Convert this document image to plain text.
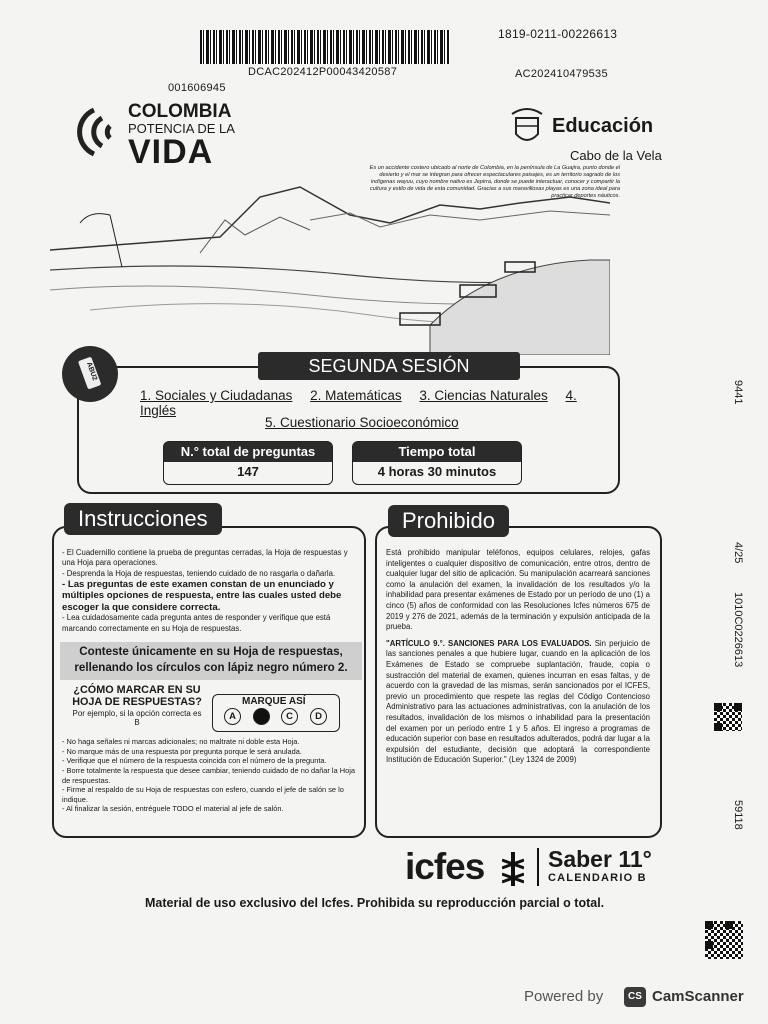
DCAC202412P00043420587
1819-0211-00226613
001606945
AC202410479535
COLOMBIA
POTENCIA DE LA
VIDA
Educación
Cabo de la Vela
Es un accidente costero ubicado al norte de Colombia, en la península de La Guajira, punto donde el desierto y el mar se integran para ofrecer espectaculares paisajes, es un territorio sagrado de los indígenas wayuu, cuyo nombre nativo es Jepirra, donde se puede interactuar, conocer y compartir la cultura y estilo de vida de esta comunidad. Gracias a sus maravillosas playas es una zona ideal para practicar deportes náuticos.
ABU2	SEGUNDA SESIÓN
1. Sociales y Ciudadanas 2. Matemáticas 3. Ciencias Naturales 4. Inglés
5. Cuestionario Socioeconómico
N.° total de preguntas
147
Tiempo total
4 horas 30 minutos
Instrucciones
- El Cuadernillo contiene la prueba de preguntas cerradas, la Hoja de respuestas y una Hoja para operaciones.
- Desprenda la Hoja de respuestas, teniendo cuidado de no rasgarla o dañarla.
- Las preguntas de este examen constan de un enunciado y múltiples opciones de respuesta, entre las cuales usted debe escoger la que considere correcta.
- Lea cuidadosamente cada pregunta antes de responder y verifique que está marcando correctamente en su Hoja de respuestas.
Conteste únicamente en su Hoja de respuestas, rellenando los círculos con lápiz negro número 2.
¿CÓMO MARCAR EN SU HOJA DE RESPUESTAS?
Por ejemplo, si la opción correcta es B
MARQUE ASÍ
A	C	D
- No haga señales ni marcas adicionales; no maltrate ni doble esta Hoja.
- No marque más de una respuesta por pregunta porque le será anulada.
- Verifique que el número de la respuesta coincida con el número de la pregunta.
- Borre totalmente la respuesta que desee cambiar, teniendo cuidado de no dañar la Hoja de respuestas.
- Firme al respaldo de su Hoja de respuestas con esfero, cuando el jefe de salón se lo indique.
- Al finalizar la sesión, entréguele TODO el material al jefe de salón.
Prohibido
Está prohibido manipular teléfonos, equipos celulares, relojes, gafas inteligentes o cualquier dispositivo de comunicación, entre otros, dentro de cualquier lugar del sitio de aplicación. Su manipulación acarreará sanciones como la anulación del examen, la invalidación de los resultados y/o la inhabilidad para presentar exámenes de Estado por un período de uno (1) a cinco (5) años de conformidad con las Resoluciones Icfes números 675 de 2019 y 276 de 2021, además de la terminación y expulsión anticipada de la prueba.
"ARTÍCULO 9.°. SANCIONES PARA LOS EVALUADOS. Sin perjuicio de las sanciones penales a que hubiere lugar, cuando en la aplicación de los Exámenes de Estado se compruebe suplantación, fraude, copia o sustracción del material de examen, quienes incurran en esas faltas, y de acuerdo con la gravedad de las mismas, serán sancionados por el ICFES, previo un procedimiento que respete las reglas del Código Contencioso Administrativo para las actuaciones administrativas, con la anulación de los resultados, invalidación de los mismos o inhabilidad para la presentación del examen por un período entre 1 y 5 años. El ingreso a programas de educación superior con base en resultados adulterados, podrá dar lugar a la expulsión del estudiante, decisión que adoptará la correspondiente Institución de Educación Superior." (Ley 1324 de 2009)
icfes	Saber 11°
CALENDARIO B
Material de uso exclusivo del Icfes. Prohibida su reproducción parcial o total.
9441
4/25
1010C0226613
59118
Powered by	CS CamScanner
